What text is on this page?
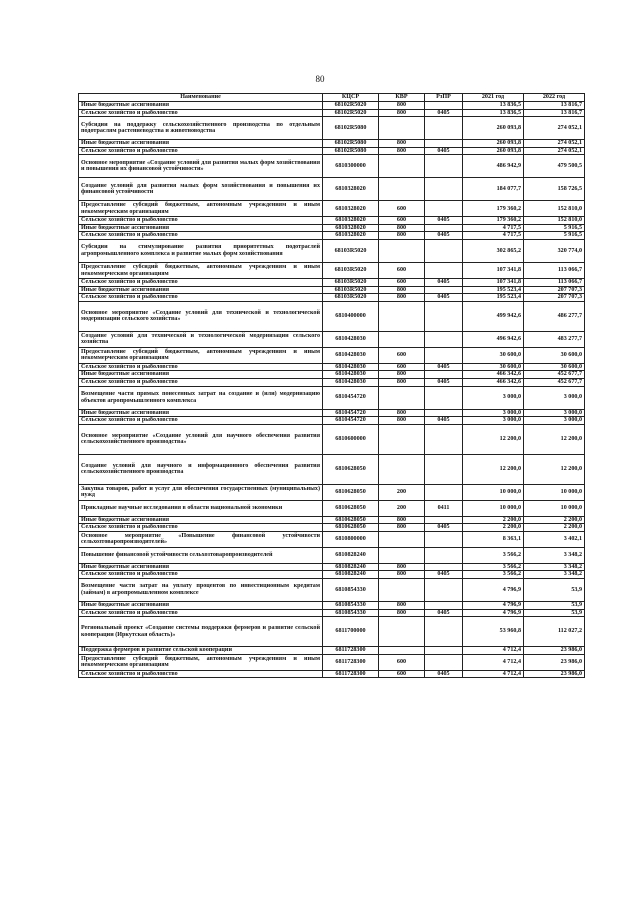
80
Наименование	КЦСР	КВР	РзПР	2021 год	2022 год
Иные бюджетные ассигнования	68102R5020	800		13 836,5	13 816,7
Сельское хозяйство и рыболовство	68102R5020	800	0405	13 836,5	13 816,7
Субсидии на поддержку сельскохозяйственного производства по отдельным подотраслям растениеводства и животноводства	68102R5080			260 093,8	274 052,1
Иные бюджетные ассигнования	68102R5080	800		260 093,8	274 052,1
Сельское хозяйство и рыболовство	68102R5080	800	0405	260 093,8	274 052,1
Основное мероприятие «Создание условий для развития малых форм хозяйствования и повышения их финансовой устойчивости»	6810300000			486 942,9	479 500,5
Создание условий для развития малых форм хозяйствования и повышения их финансовой устойчивости	6810328020			184 077,7	158 726,5
Предоставление субсидий бюджетным, автономным учреждениям и иным некоммерческим организациям	6810328020	600		179 360,2	152 810,0
Сельское хозяйство и рыболовство	6810328020	600	0405	179 360,2	152 810,0
Иные бюджетные ассигнования	6810328020	800		4 717,5	5 916,5
Сельское хозяйство и рыболовство	6810328020	800	0405	4 717,5	5 916,5
Субсидии на стимулирование развития приоритетных подотраслей агропромышленного комплекса и развитие малых форм хозяйствования	68103R5020			302 865,2	320 774,0
Предоставление субсидий бюджетным, автономным учреждениям и иным некоммерческим организациям	68103R5020	600		107 341,8	113 066,7
Сельское хозяйство и рыболовство	68103R5020	600	0405	107 341,8	113 066,7
Иные бюджетные ассигнования	68103R5020	800		195 523,4	207 707,3
Сельское хозяйство и рыболовство	68103R5020	800	0405	195 523,4	207 707,3
Основное мероприятие «Создание условий для технической и технологической модернизации сельского хозяйства»	6810400000			499 942,6	486 277,7
Создание условий для технической и технологической модернизации сельского хозяйства	6810428030			496 942,6	483 277,7
Предоставление субсидий бюджетным, автономным учреждениям и иным некоммерческим организациям	6810428030	600		30 600,0	30 600,0
Сельское хозяйство и рыболовство	6810428030	600	0405	30 600,0	30 600,0
Иные бюджетные ассигнования	6810428030	800		466 342,6	452 677,7
Сельское хозяйство и рыболовство	6810428030	800	0405	466 342,6	452 677,7
Возмещение части прямых понесенных затрат на создание и (или) модернизацию объектов агропромышленного комплекса	6810454720			3 000,0	3 000,0
Иные бюджетные ассигнования	6810454720	800		3 000,0	3 000,0
Сельское хозяйство и рыболовство	6810454720	800	0405	3 000,0	3 000,0
Основное мероприятие «Создание условий для научного обеспечения развития сельскохозяйственного производства»	6810600000			12 200,0	12 200,0
Создание условий для научного и информационного обеспечения развития сельскохозяйственного производства	6810628050			12 200,0	12 200,0
Закупка товаров, работ и услуг для обеспечения государственных (муниципальных) нужд	6810628050	200		10 000,0	10 000,0
Прикладные научные исследования в области национальной экономики	6810628050	200	0411	10 000,0	10 000,0
Иные бюджетные ассигнования	6810628050	800		2 200,0	2 200,0
Сельское хозяйство и рыболовство	6810628050	800	0405	2 200,0	2 200,0
Основное мероприятие «Повышение финансовой устойчивости сельхозтоваропроизводителей»	6810800000			8 363,1	3 402,1
Повышение финансовой устойчивости сельхозтоваропроизводителей	6810828240			3 566,2	3 348,2
Иные бюджетные ассигнования	6810828240	800		3 566,2	3 348,2
Сельское хозяйство и рыболовство	6810828240	800	0405	3 566,2	3 348,2
Возмещение части затрат на уплату процентов по инвестиционным кредитам (займам) в агропромышленном комплексе	6810854330			4 796,9	53,9
Иные бюджетные ассигнования	6810854330	800		4 796,9	53,9
Сельское хозяйство и рыболовство	6810854330	800	0405	4 796,9	53,9
Региональный проект «Создание системы поддержки фермеров и развитие сельской кооперации (Иркутская область)»	6811700000			53 960,8	112 027,2
Поддержка фермеров и развитие сельской кооперации	6811728300			4 712,4	23 986,0
Предоставление субсидий бюджетным, автономным учреждениям и иным некоммерческим организациям	6811728300	600		4 712,4	23 986,0
Сельское хозяйство и рыболовство	6811728300	600	0405	4 712,4	23 986,0
